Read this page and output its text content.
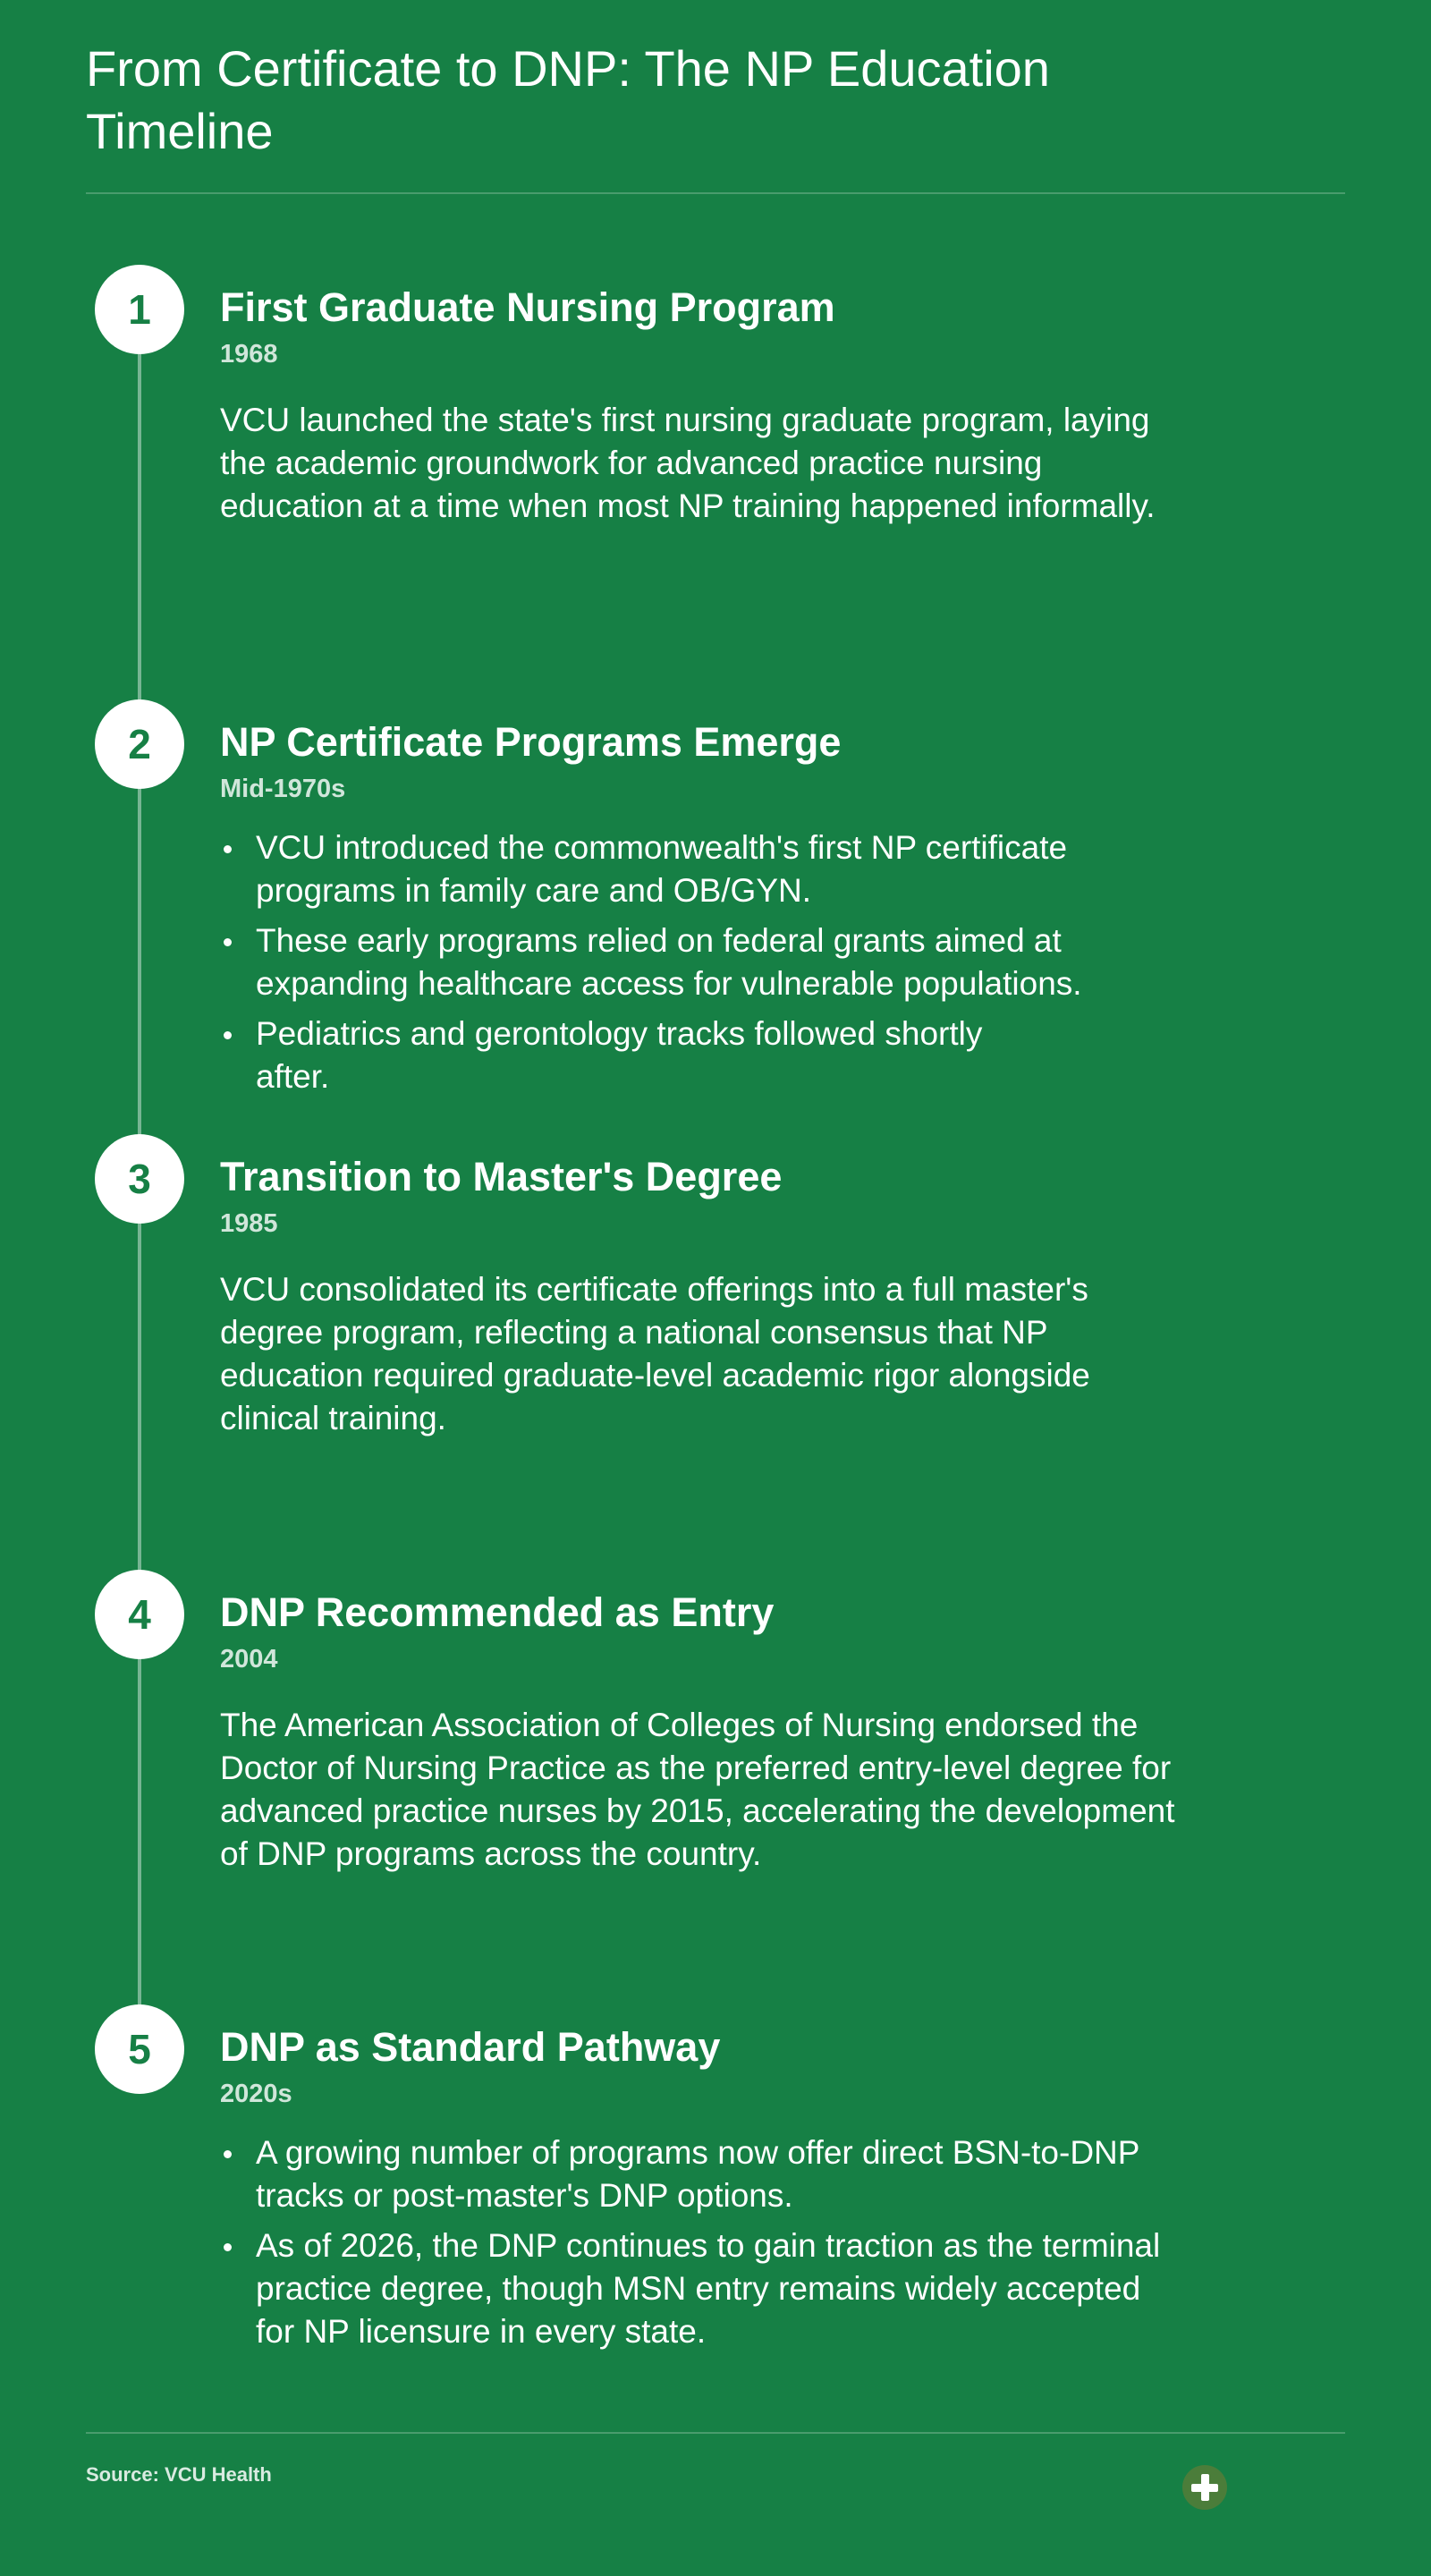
From Certificate to DNP: The NP Education Timeline
1	First Graduate Nursing Program
1968

VCU launched the state's first nursing graduate program, laying the academic groundwork for advanced practice nursing education at a time when most NP training happened informally.

2	NP Certificate Programs Emerge
Mid-1970s
VCU introduced the commonwealth's first NP certificate programs in family care and OB/GYN.
These early programs relied on federal grants aimed at expanding healthcare access for vulnerable populations.
Pediatrics and gerontology tracks followed shortly after.
3	Transition to Master's Degree
1985

VCU consolidated its certificate offerings into a full master's degree program, reflecting a national consensus that NP education required graduate-level academic rigor alongside clinical training.

4	DNP Recommended as Entry
2004

The American Association of Colleges of Nursing endorsed the Doctor of Nursing Practice as the preferred entry-level degree for advanced practice nurses by 2015, accelerating the development of DNP programs across the country.

5	DNP as Standard Pathway
2020s
A growing number of programs now offer direct BSN-to-DNP tracks or post-master's DNP options.
As of 2026, the DNP continues to gain traction as the terminal practice degree, though MSN entry remains widely accepted for NP licensure in every state.
Source: VCU Health
